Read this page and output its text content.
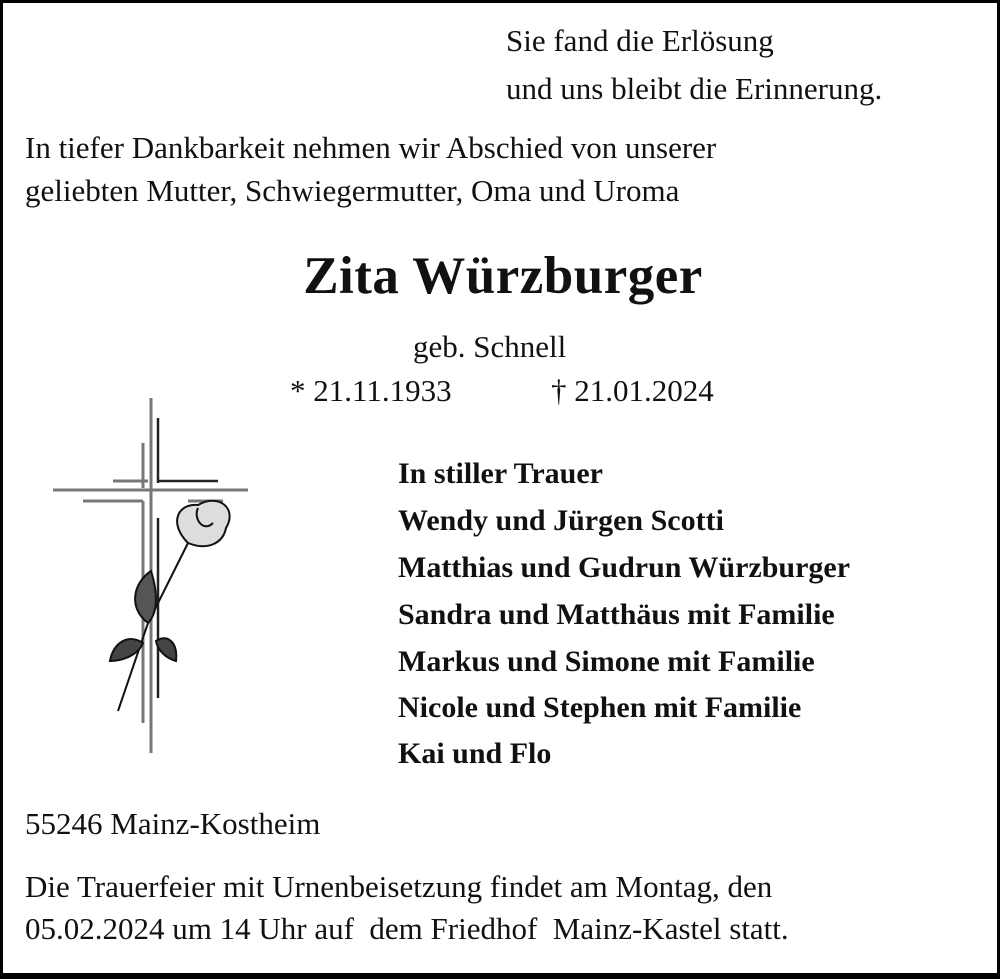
Sie fand die Erlösung
und uns bleibt die Erinnerung.
In tiefer Dankbarkeit nehmen wir Abschied von unserer
geliebten Mutter, Schwiegermutter, Oma und Uroma
Zita Würzburger
geb. Schnell
* 21.11.1933	† 21.01.2024
In stiller Trauer
Wendy und Jürgen Scotti
Matthias und Gudrun Würzburger
Sandra und Matthäus mit Familie
Markus und Simone mit Familie
Nicole und Stephen mit Familie
Kai und Flo
55246 Mainz-Kostheim
Die Trauerfeier mit Urnenbeisetzung findet am Montag, den
05.02.2024 um 14 Uhr auf  dem Friedhof  Mainz-Kastel statt.
